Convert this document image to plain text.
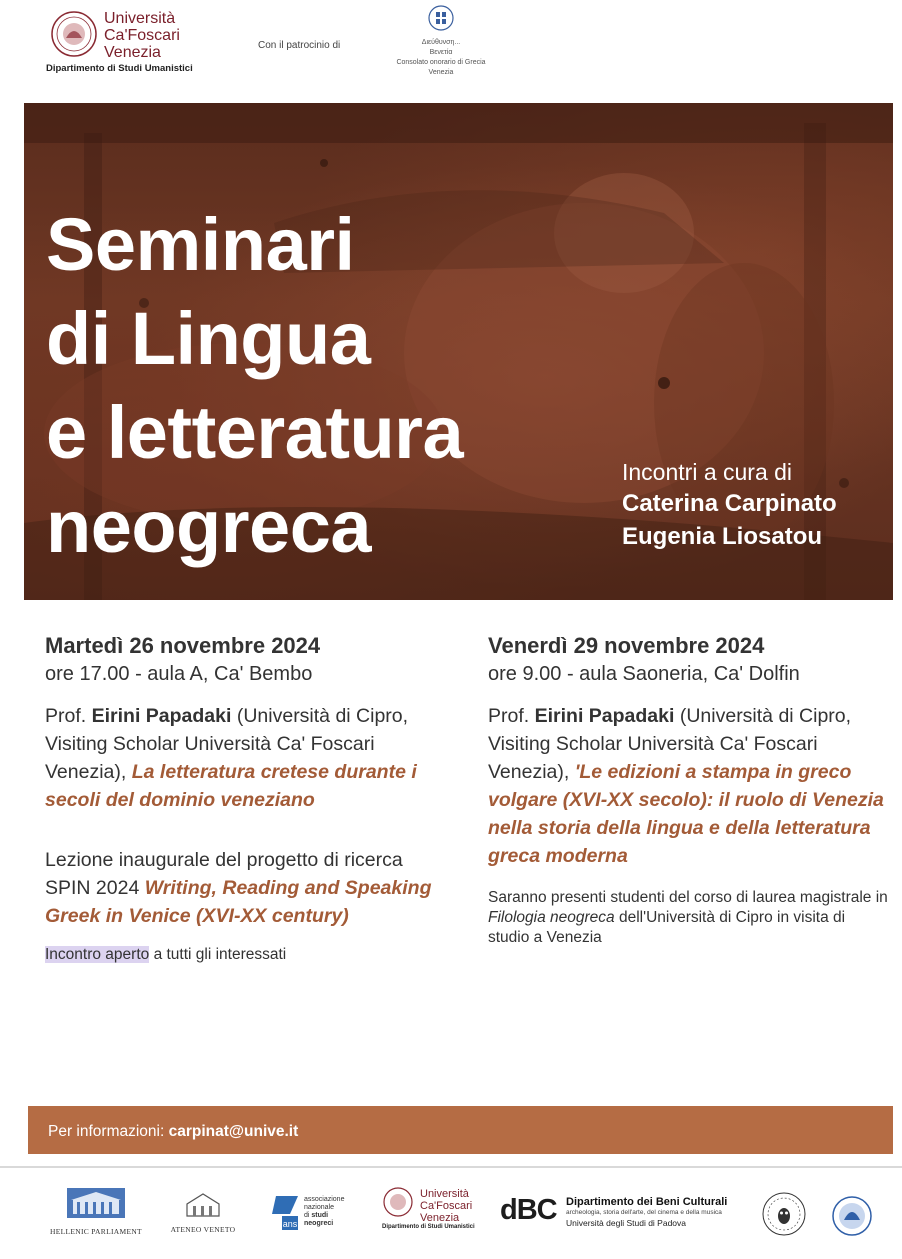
Università
Ca'Foscari
Venezia
Dipartimento di Studi Umanistici
Con il patrocinio di	Διεύθυνση...
Βενετία
Consolato onorario di Grecia
Venezia
Seminari
di Lingua
e letteratura
neogreca
Incontri a cura di
Caterina Carpinato
Eugenia Liosatou
Martedì 26 novembre 2024
ore 17.00 - aula A, Ca' Bembo
Prof. Eirini Papadaki (Università di Cipro, Visiting Scholar Università Ca' Foscari Venezia), La letteratura cretese durante i secoli del dominio veneziano
Lezione inaugurale del progetto di ricerca SPIN 2024 Writing, Reading and Speaking Greek in Venice (XVI-XX century)
Incontro aperto a tutti gli interessati
Venerdì 29 novembre 2024
ore 9.00 - aula Saoneria, Ca' Dolfin
Prof. Eirini Papadaki (Università di Cipro, Visiting Scholar Università Ca' Foscari Venezia), 'Le edizioni a stampa in greco volgare (XVI-XX secolo): il ruolo di Venezia nella storia della lingua e della letteratura greca moderna
Saranno presenti studenti del corso di laurea magistrale in Filologia neogreca dell'Università di Cipro in visita di studio a Venezia
Per informazioni: carpinat@unive.it
HELLENIC PARLIAMENT	ATENEO VENETO
ans
associazione
nazionale
di studi
neogreci
Università
Ca'Foscari
Venezia
Dipartimento di Studi Umanistici
dBC Dipartimento dei Beni Culturali
archeologia, storia dell'arte, del cinema e della musica
Università degli Studi di Padova
